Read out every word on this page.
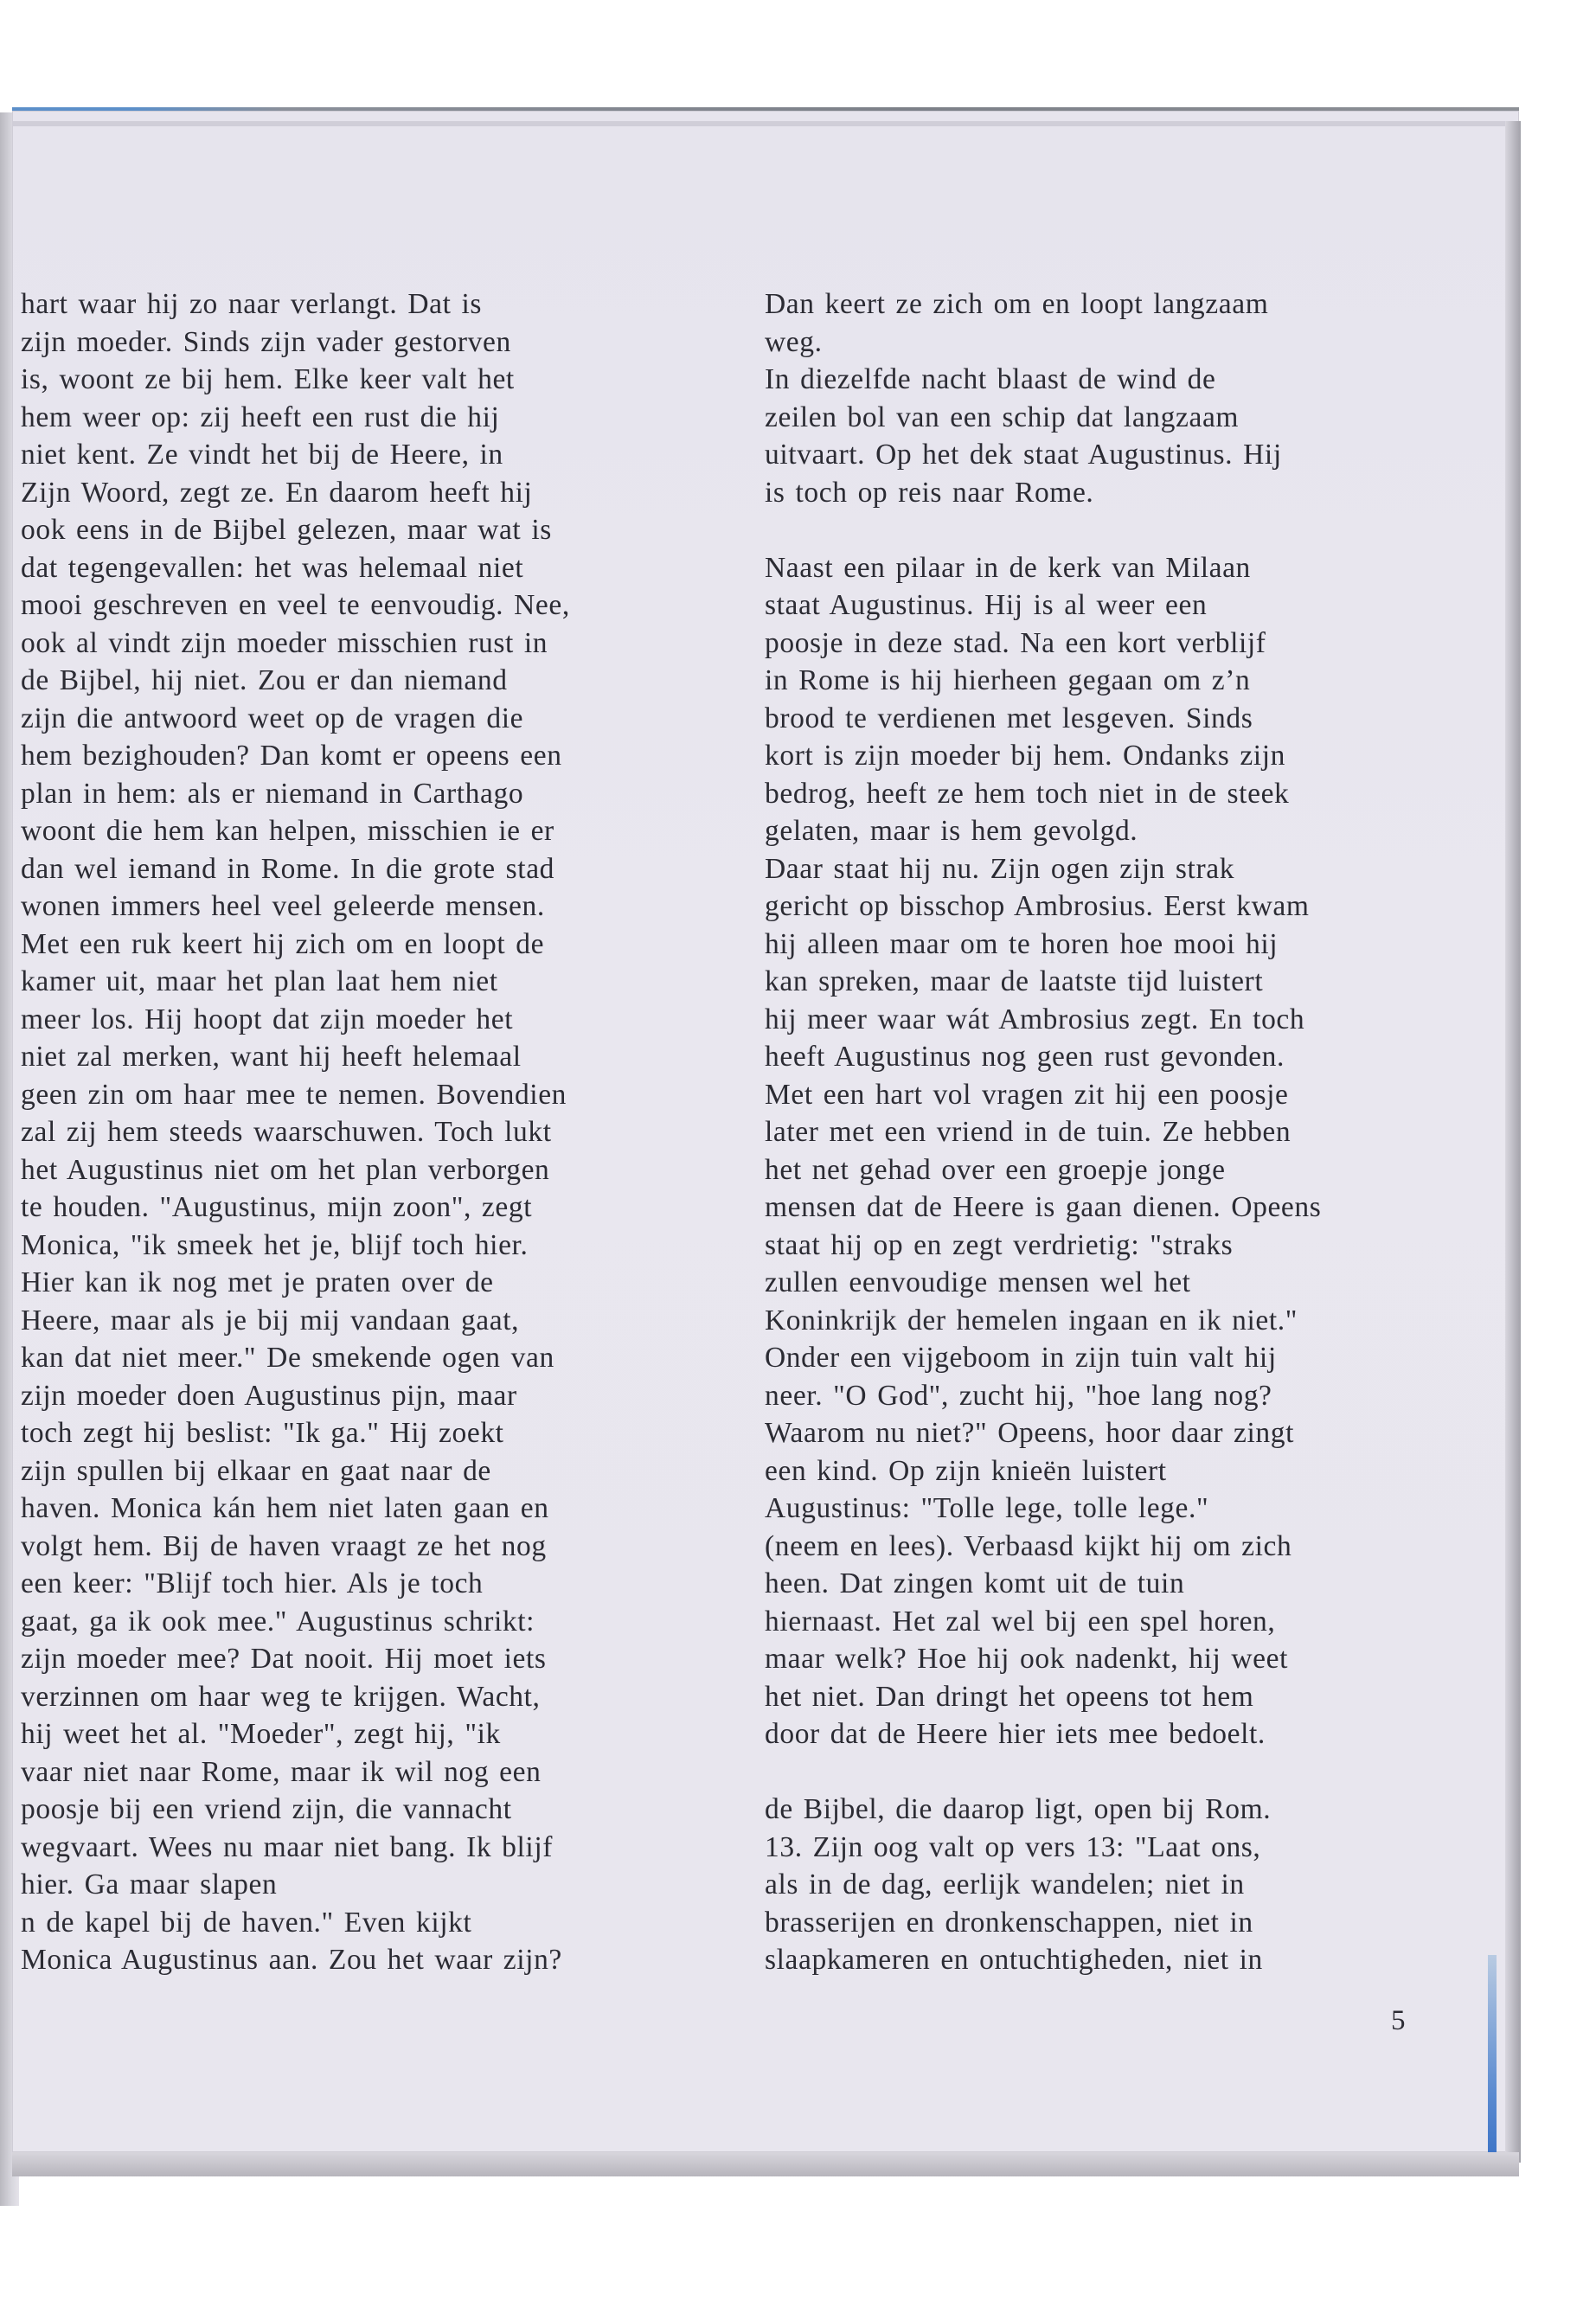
hart waar hij zo naar verlangt. Dat is
zijn moeder. Sinds zijn vader gestorven
is, woont ze bij hem. Elke keer valt het
hem weer op: zij heeft een rust die hij
niet kent. Ze vindt het bij de Heere, in
Zijn Woord, zegt ze. En daarom heeft hij
ook eens in de Bijbel gelezen, maar wat is
dat tegengevallen: het was helemaal niet
mooi geschreven en veel te eenvoudig. Nee,
ook al vindt zijn moeder misschien rust in
de Bijbel, hij niet. Zou er dan niemand
zijn die antwoord weet op de vragen die
hem bezighouden? Dan komt er opeens een
plan in hem: als er niemand in Carthago
woont die hem kan helpen, misschien ie er
dan wel iemand in Rome. In die grote stad
wonen immers heel veel geleerde mensen.
Met een ruk keert hij zich om en loopt de
kamer uit, maar het plan laat hem niet
meer los. Hij hoopt dat zijn moeder het
niet zal merken, want hij heeft helemaal
geen zin om haar mee te nemen. Bovendien
zal zij hem steeds waarschuwen. Toch lukt
het Augustinus niet om het plan verborgen
te houden. "Augustinus, mijn zoon", zegt
Monica, "ik smeek het je, blijf toch hier.
Hier kan ik nog met je praten over de
Heere, maar als je bij mij vandaan gaat,
kan dat niet meer." De smekende ogen van
zijn moeder doen Augustinus pijn, maar
toch zegt hij beslist: "Ik ga." Hij zoekt
zijn spullen bij elkaar en gaat naar de
haven. Monica kán hem niet laten gaan en
volgt hem. Bij de haven vraagt ze het nog
een keer: "Blijf toch hier. Als je toch
gaat, ga ik ook mee." Augustinus schrikt:
zijn moeder mee? Dat nooit. Hij moet iets
verzinnen om haar weg te krijgen. Wacht,
hij weet het al. "Moeder", zegt hij, "ik
vaar niet naar Rome, maar ik wil nog een
poosje bij een vriend zijn, die vannacht
wegvaart. Wees nu maar niet bang. Ik blijf
hier. Ga maar slapen
n de kapel bij de haven." Even kijkt
Monica Augustinus aan. Zou het waar zijn?
Dan keert ze zich om en loopt langzaam
weg.
In diezelfde nacht blaast de wind de
zeilen bol van een schip dat langzaam
uitvaart. Op het dek staat Augustinus. Hij
is toch op reis naar Rome.
Naast een pilaar in de kerk van Milaan
staat Augustinus. Hij is al weer een
poosje in deze stad. Na een kort verblijf
in Rome is hij hierheen gegaan om z’n
brood te verdienen met lesgeven. Sinds
kort is zijn moeder bij hem. Ondanks zijn
bedrog, heeft ze hem toch niet in de steek
gelaten, maar is hem gevolgd.
Daar staat hij nu. Zijn ogen zijn strak
gericht op bisschop Ambrosius. Eerst kwam
hij alleen maar om te horen hoe mooi hij
kan spreken, maar de laatste tijd luistert
hij meer waar wát Ambrosius zegt. En toch
heeft Augustinus nog geen rust gevonden.
Met een hart vol vragen zit hij een poosje
later met een vriend in de tuin. Ze hebben
het net gehad over een groepje jonge
mensen dat de Heere is gaan dienen. Opeens
staat hij op en zegt verdrietig: "straks
zullen eenvoudige mensen wel het
Koninkrijk der hemelen ingaan en ik niet."
Onder een vijgeboom in zijn tuin valt hij
neer. "O God", zucht hij, "hoe lang nog?
Waarom nu niet?" Opeens, hoor daar zingt
een kind. Op zijn knieën luistert
Augustinus: "Tolle lege, tolle lege."
(neem en lees). Verbaasd kijkt hij om zich
heen. Dat zingen komt uit de tuin
hiernaast. Het zal wel bij een spel horen,
maar welk? Hoe hij ook nadenkt, hij weet
het niet. Dan dringt het opeens tot hem
door dat de Heere hier iets mee bedoelt.
de Bijbel, die daarop ligt, open bij Rom.
13. Zijn oog valt op vers 13: "Laat ons,
als in de dag, eerlijk wandelen; niet in
brasserijen en dronkenschappen, niet in
slaapkameren en ontuchtigheden, niet in
5
